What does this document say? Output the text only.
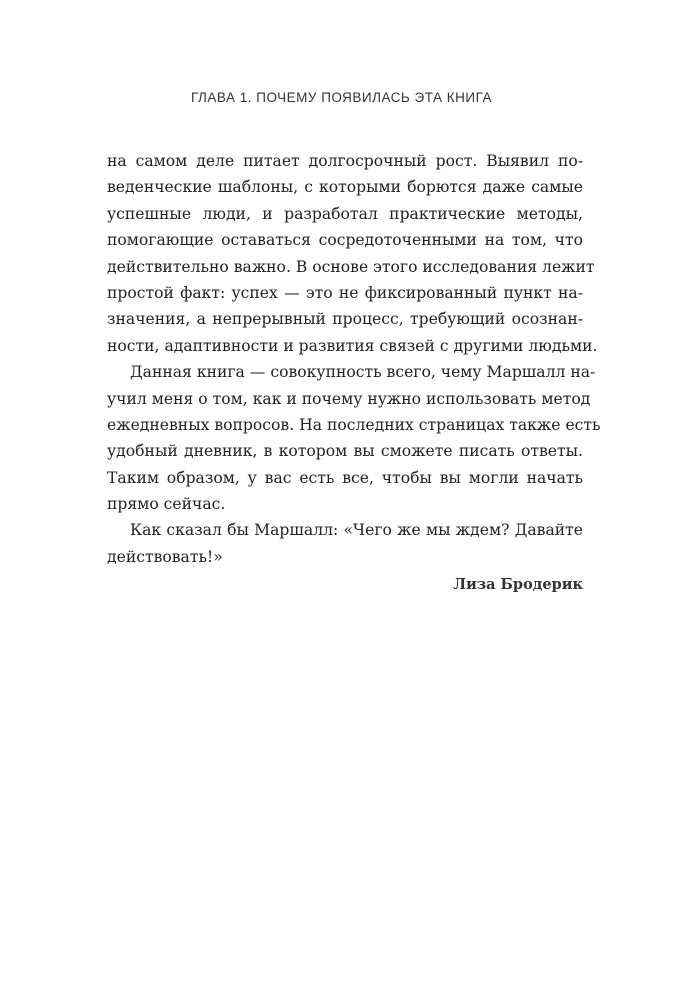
ГЛАВА 1. ПОЧЕМУ ПОЯВИЛАСЬ ЭТА КНИГА
на самом деле питает долгосрочный рост. Выявил по-
веденческие шаблоны, с которыми борются даже самые
успешные люди, и разработал практические методы,
помогающие оставаться сосредоточенными на том, что
действительно важно. В основе этого исследования лежит
простой факт: успех — это не фиксированный пункт на-
значения, а непрерывный процесс, требующий осознан-
ности, адаптивности и развития связей с другими людьми.
Данная книга — совокупность всего, чему Маршалл на-
учил меня о том, как и почему нужно использовать метод
ежедневных вопросов. На последних страницах также есть
удобный дневник, в котором вы сможете писать ответы.
Таким образом, у вас есть все, чтобы вы могли начать
прямо сейчас.
Как сказал бы Маршалл: «Чего же мы ждем? Давайте
действовать!»
Лиза Бродерик
